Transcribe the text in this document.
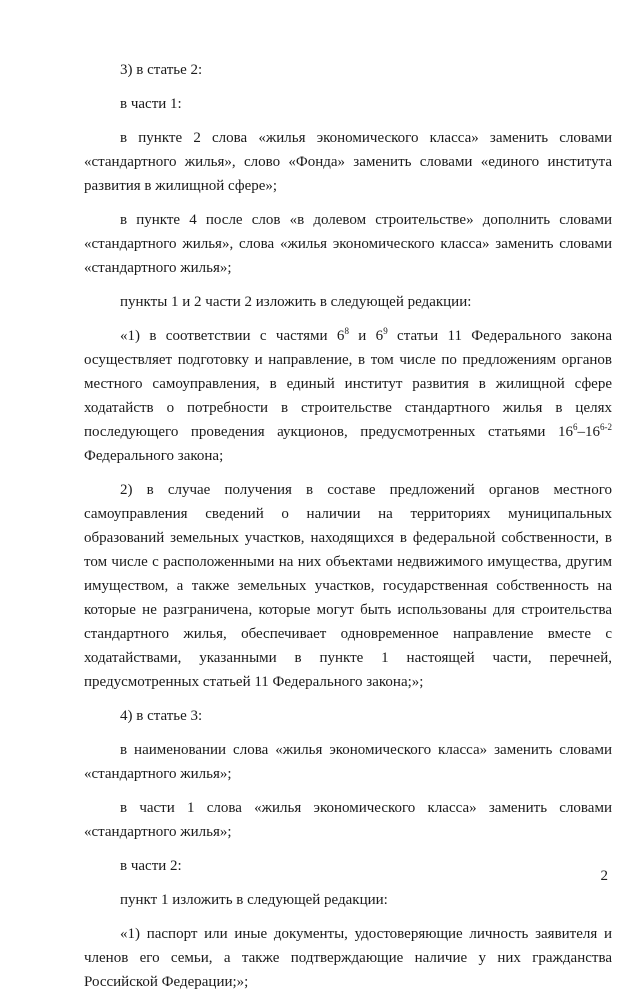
3) в статье 2:

в части 1:

в пункте 2 слова «жилья экономического класса» заменить словами «стандартного жилья», слово «Фонда» заменить словами «единого института развития в жилищной сфере»;

в пункте 4 после слов «в долевом строительстве» дополнить словами «стандартного жилья», слова «жилья экономического класса» заменить словами «стандартного жилья»;

пункты 1 и 2 части 2 изложить в следующей редакции:

«1) в соответствии с частями $6^8$ и $6^9$ статьи 11 Федерального закона осуществляет подготовку и направление, в том числе по предложениям органов местного самоуправления, в единый институт развития в жилищной сфере ходатайств о потребности в строительстве стандартного жилья в целях последующего проведения аукционов, предусмотренных статьями $16^6-16^{6-2}$ Федерального закона;

2) в случае получения в составе предложений органов местного самоуправления сведений о наличии на территориях муниципальных образований земельных участков, находящихся в федеральной собственности, в том числе с расположенными на них объектами недвижимого имущества, другим имуществом, а также земельных участков, государственная собственность на которые не разграничена, которые могут быть использованы для строительства стандартного жилья, обеспечивает одновременное направление вместе с ходатайствами, указанными в пункте 1 настоящей части, перечней, предусмотренных статьей 11 Федерального закона;»;

4) в статье 3:

в наименовании слова «жилья экономического класса» заменить словами «стандартного жилья»;

в части 1 слова «жилья экономического класса» заменить словами «стандартного жилья»;

в части 2:

пункт 1 изложить в следующей редакции:

«1) паспорт или иные документы, удостоверяющие личность заявителя и членов его семьи, а также подтверждающие наличие у них гражданства Российской Федерации;»;

2
